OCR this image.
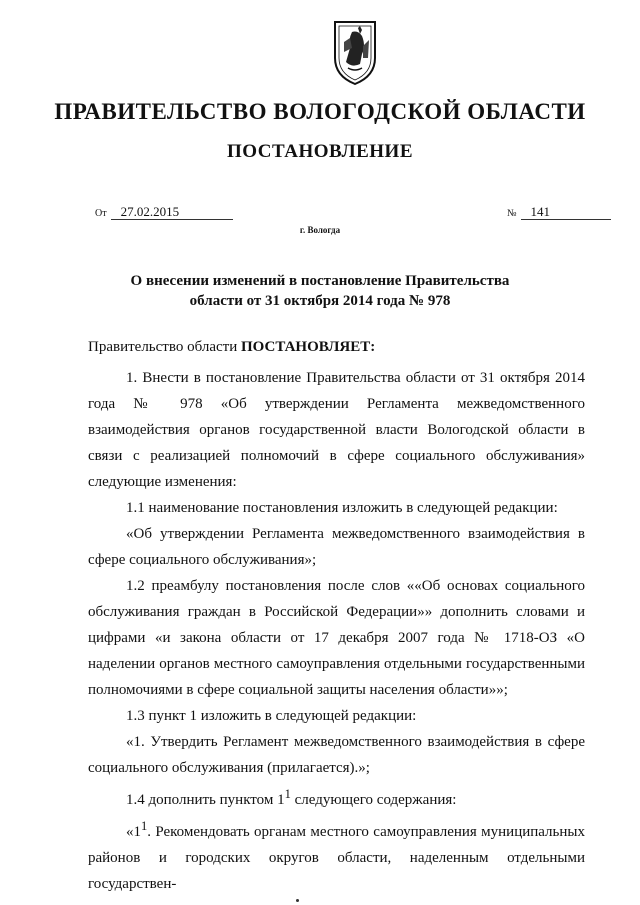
ПРАВИТЕЛЬСТВО ВОЛОГОДСКОЙ ОБЛАСТИ
ПОСТАНОВЛЕНИЕ
От 27.02.2015	№ 141
г. Вологда
О внесении изменений в постановление Правительства
области от 31 октября 2014 года № 978
Правительство области ПОСТАНОВЛЯЕТ:
1. Внести в постановление Правительства области от 31 октября 2014 года № 978 «Об утверждении Регламента межведомственного взаимодействия органов государственной власти Вологодской области в связи с реализацией полномочий в сфере социального обслуживания» следующие изменения:
1.1 наименование постановления изложить в следующей редакции:
«Об утверждении Регламента межведомственного взаимодействия в сфере социального обслуживания»;
1.2 преамбулу постановления после слов ««Об основах социального обслуживания граждан в Российской Федерации»» дополнить словами и цифрами «и закона области от 17 декабря 2007 года № 1718-ОЗ «О наделении органов местного самоуправления отдельными государственными полномочиями в сфере социальной защиты населения области»»;
1.3 пункт 1 изложить в следующей редакции:
«1. Утвердить Регламент межведомственного взаимодействия в сфере социального обслуживания (прилагается).»;
1.4 дополнить пунктом $1^1$ следующего содержания:
«$1^1$. Рекомендовать органам местного самоуправления муниципальных районов и городских округов области, наделенным отдельными государствен-
